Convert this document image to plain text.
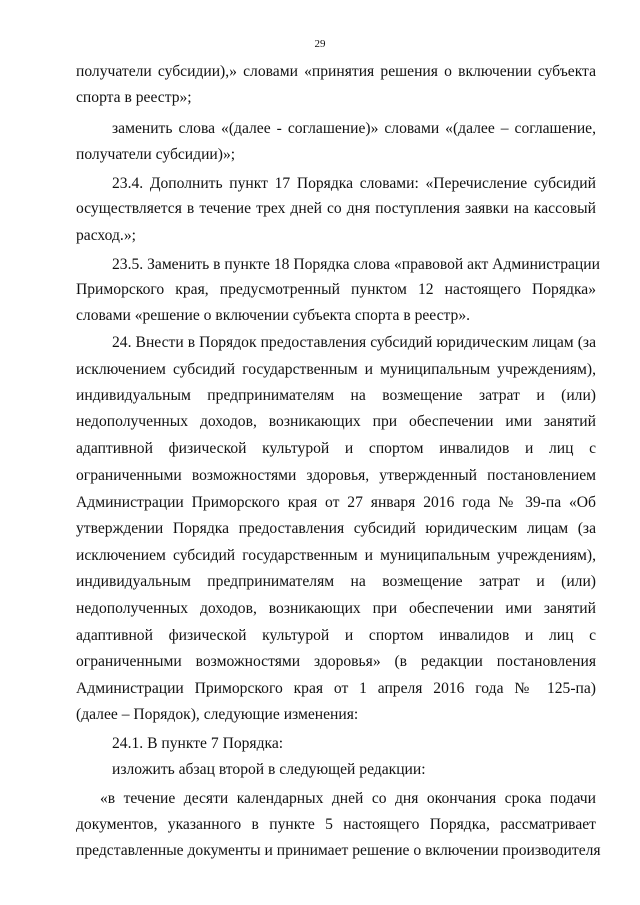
29
получатели субсидии),» словами «принятия решения о включении субъекта
спорта в реестр»;
заменить слова «(далее - соглашение)» словами «(далее – соглашение,
получатели субсидии)»;
23.4. Дополнить пункт 17 Порядка словами: «Перечисление субсидий
осуществляется в течение трех дней со дня поступления заявки на кассовый
расход.»;
23.5. Заменить в пункте 18 Порядка слова «правовой акт Администрации
Приморского края, предусмотренный пунктом 12 настоящего Порядка»
словами «решение о включении субъекта спорта в реестр».
24. Внести в Порядок предоставления субсидий юридическим лицам (за
исключением субсидий государственным и муниципальным учреждениям),
индивидуальным предпринимателям на возмещение затрат и (или)
недополученных доходов, возникающих при обеспечении ими занятий
адаптивной физической культурой и спортом инвалидов и лиц с
ограниченными возможностями здоровья, утвержденный постановлением
Администрации Приморского края от 27 января 2016 года № 39-па «Об
утверждении Порядка предоставления субсидий юридическим лицам (за
исключением субсидий государственным и муниципальным учреждениям),
индивидуальным предпринимателям на возмещение затрат и (или)
недополученных доходов, возникающих при обеспечении ими занятий
адаптивной физической культурой и спортом инвалидов и лиц с
ограниченными возможностями здоровья» (в редакции постановления
Администрации Приморского края от 1 апреля 2016 года № 125-па)
(далее – Порядок), следующие изменения:
24.1. В пункте 7 Порядка:
изложить абзац второй в следующей редакции:
«в течение десяти календарных дней со дня окончания срока подачи
документов, указанного в пункте 5 настоящего Порядка, рассматривает
представленные документы и принимает решение о включении производителя
